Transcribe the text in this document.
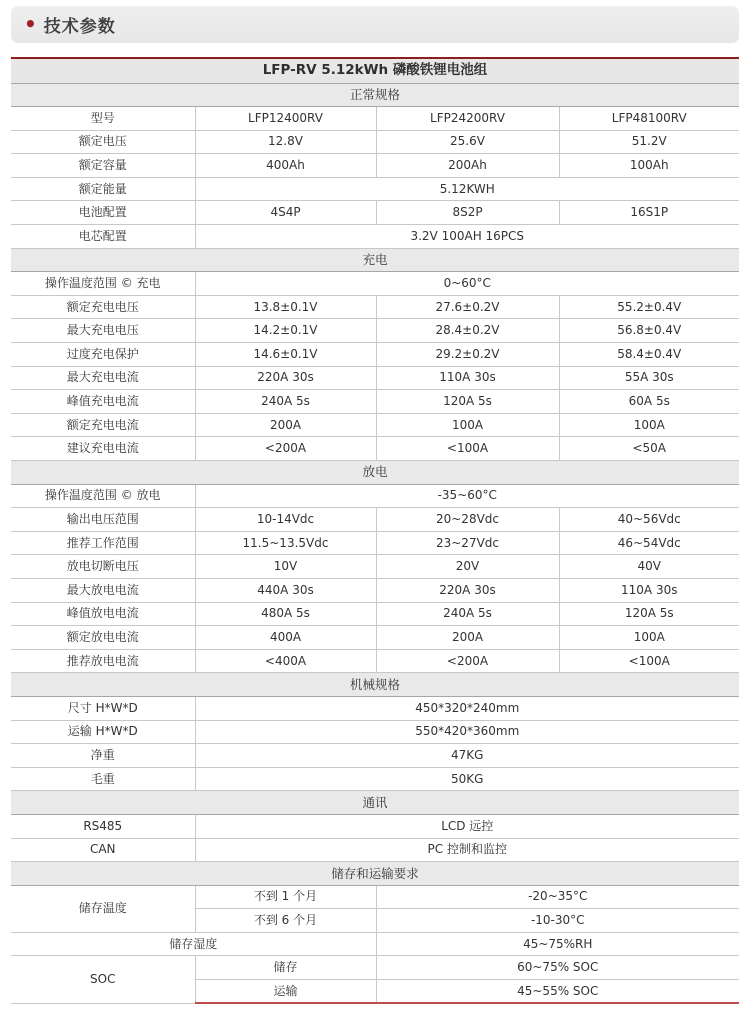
• 技术参数
LFP-RV 5.12kWh 磷酸铁锂电池组			
正常规格			
型号	LFP12400RV	LFP24200RV	LFP48100RV
额定电压	12.8V	25.6V	51.2V
额定容量	400Ah	200Ah	100Ah
额定能量	5.12KWH		
电池配置	4S4P	8S2P	16S1P
电芯配置	3.2V 100AH 16PCS		
充电			
操作温度范围 © 充电	0~60°C		
额定充电电压	13.8±0.1V	27.6±0.2V	55.2±0.4V
最大充电电压	14.2±0.1V	28.4±0.2V	56.8±0.4V
过度充电保护	14.6±0.1V	29.2±0.2V	58.4±0.4V
最大充电电流	220A 30s	110A 30s	55A 30s
峰值充电电流	240A 5s	120A 5s	60A 5s
额定充电电流	200A	100A	100A
建议充电电流	<200A	<100A	<50A
放电			
操作温度范围 © 放电	-35~60°C		
输出电压范围	10-14Vdc	20~28Vdc	40~56Vdc
推荐工作范围	11.5~13.5Vdc	23~27Vdc	46~54Vdc
放电切断电压	10V	20V	40V
最大放电电流	440A 30s	220A 30s	110A 30s
峰值放电电流	480A 5s	240A 5s	120A 5s
额定放电电流	400A	200A	100A
推荐放电电流	<400A	<200A	<100A
机械规格			
尺寸 H*W*D	450*320*240mm		
运输 H*W*D	550*420*360mm		
净重	47KG		
毛重	50KG		
通讯			
RS485	LCD 远控		
CAN	PC 控制和监控		
储存和运输要求			
储存温度	不到 1 个月	-20~35°C	
	不到 6 个月	-10-30°C	
储存湿度		45~75%RH	
SOC	储存	60~75% SOC	
	运输	45~55% SOC	
